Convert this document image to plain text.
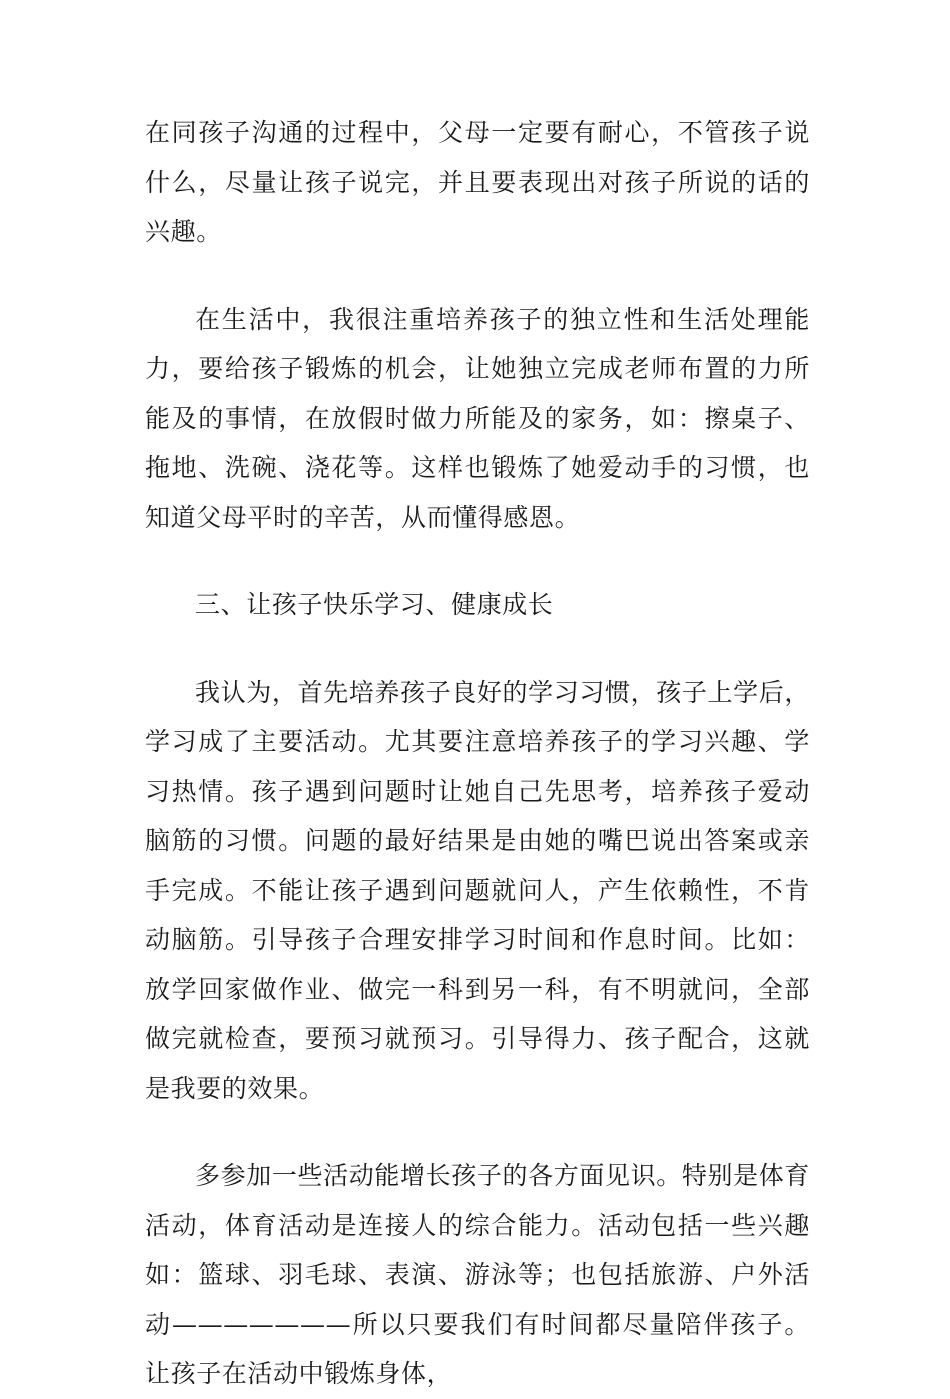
在同孩子沟通的过程中，父母一定要有耐心，不管孩子说什么，尽量让孩子说完，并且要表现出对孩子所说的话的兴趣。

在生活中，我很注重培养孩子的独立性和生活处理能力，要给孩子锻炼的机会，让她独立完成老师布置的力所能及的事情，在放假时做力所能及的家务，如：擦桌子、拖地、洗碗、浇花等。这样也锻炼了她爱动手的习惯，也知道父母平时的辛苦，从而懂得感恩。

三、让孩子快乐学习、健康成长

我认为，首先培养孩子良好的学习习惯，孩子上学后，学习成了主要活动。尤其要注意培养孩子的学习兴趣、学习热情。孩子遇到问题时让她自己先思考，培养孩子爱动脑筋的习惯。问题的最好结果是由她的嘴巴说出答案或亲手完成。不能让孩子遇到问题就问人，产生依赖性，不肯动脑筋。引导孩子合理安排学习时间和作息时间。比如：放学回家做作业、做完一科到另一科，有不明就问，全部做完就检查，要预习就预习。引导得力、孩子配合，这就是我要的效果。

多参加一些活动能增长孩子的各方面见识。特别是体育活动，体育活动是连接人的综合能力。活动包括一些兴趣如：篮球、羽毛球、表演、游泳等；也包括旅游、户外活动———————所以只要我们有时间都尽量陪伴孩子。让孩子在活动中锻炼身体，
